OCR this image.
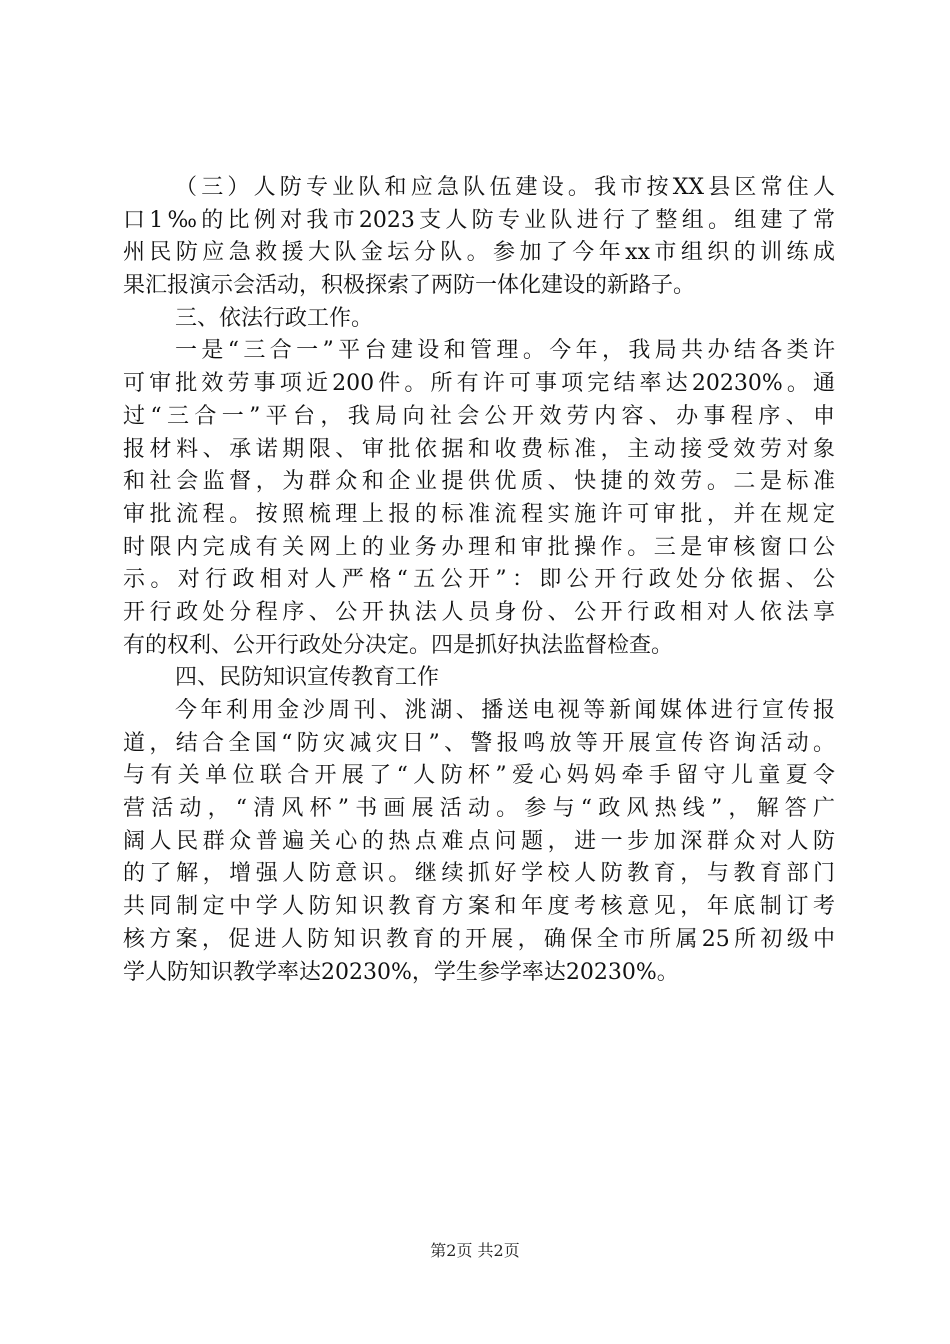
（三）人防专业队和应急队伍建设。我市按XX县区常住人
口1‰的比例对我市2023支人防专业队进行了整组。组建了常
州民防应急救援大队金坛分队。参加了今年xx市组织的训练成
果汇报演示会活动，积极探索了两防一体化建设的新路子。
三、依法行政工作。
一是“三合一”平台建设和管理。今年，我局共办结各类许
可审批效劳事项近200件。所有许可事项完结率达20230%。通
过“三合一”平台，我局向社会公开效劳内容、办事程序、申
报材料、承诺期限、审批依据和收费标准，主动接受效劳对象
和社会监督，为群众和企业提供优质、快捷的效劳。二是标准
审批流程。按照梳理上报的标准流程实施许可审批，并在规定
时限内完成有关网上的业务办理和审批操作。三是审核窗口公
示。对行政相对人严格“五公开”：即公开行政处分依据、公
开行政处分程序、公开执法人员身份、公开行政相对人依法享
有的权利、公开行政处分决定。四是抓好执法监督检查。
四、民防知识宣传教育工作
今年利用金沙周刊、洮湖、播送电视等新闻媒体进行宣传报
道，结合全国“防灾减灾日”、警报鸣放等开展宣传咨询活动。
与有关单位联合开展了“人防杯”爱心妈妈牵手留守儿童夏令
营活动，“清风杯”书画展活动。参与“政风热线”，解答广
阔人民群众普遍关心的热点难点问题，进一步加深群众对人防
的了解，增强人防意识。继续抓好学校人防教育，与教育部门
共同制定中学人防知识教育方案和年度考核意见，年底制订考
核方案，促进人防知识教育的开展，确保全市所属25所初级中
学人防知识教学率达20230%，学生参学率达20230%。
第2页 共2页
